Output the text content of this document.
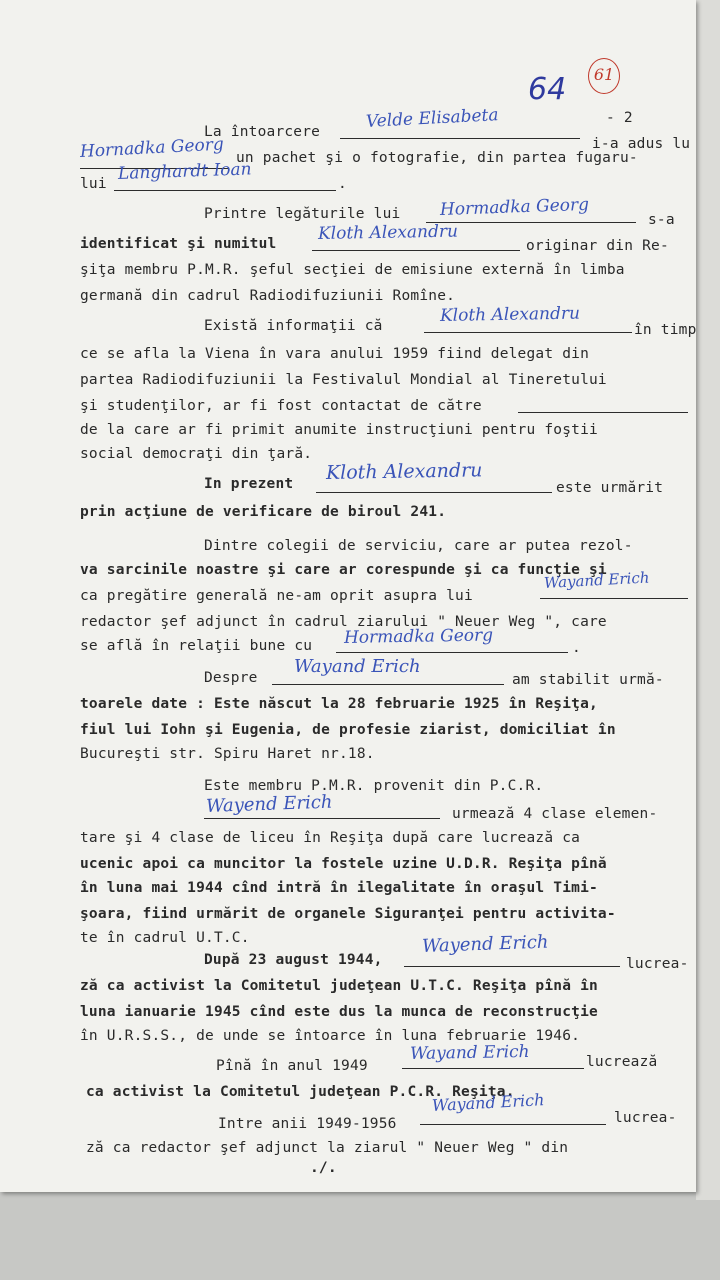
64	61
- 2
La întoarcere
Velde Elisabeta
i-a adus lu
Hornadka Georg un pachet şi o fotografie, din partea fugaru-
lui
Langhardt Ioan
.
Printre legăturile lui Hormadka Georg
s-a
identificat şi numitul
Kloth Alexandru
originar din Re-
şiţa membru P.M.R. şeful secţiei de emisiune externă în limba
germană din cadrul Radiodifuziunii Romîne.
Există informaţii că
Kloth Alexandru
în timp
ce se afla la Viena în vara anului 1959 fiind delegat din
partea Radiodifuziunii la Festivalul Mondial al Tineretului
şi studenţilor, ar fi fost contactat de către
de la care ar fi primit anumite instrucţiuni pentru foştii
social democraţi din ţară.
In prezent
Kloth Alexandru
este urmărit
prin acţiune de verificare de biroul 241.
Dintre colegii de serviciu, care ar putea rezol-
va sarcinile noastre şi care ar corespunde şi ca funcţie şi
ca pregătire generală ne-am oprit asupra lui
Wayand Erich
redactor şef adjunct în cadrul ziarului " Neuer Weg ", care
se află în relaţii bune cu Hormadka Georg
.
Despre
Wayand Erich
am stabilit urmă-
toarele date : Este născut la 28 februarie 1925 în Reşiţa,
fiul lui Iohn şi Eugenia, de profesie ziarist, domiciliat în
Bucureşti str. Spiru Haret nr.18.
Este membru P.M.R. provenit din P.C.R.
Wayend Erich	urmează 4 clase elemen-
tare şi 4 clase de liceu în Reşiţa după care lucrează ca
ucenic apoi ca muncitor la fostele uzine U.D.R. Reşiţa pînă
în luna mai 1944 cînd intră în ilegalitate în oraşul Timi-
şoara, fiind urmărit de organele Siguranţei pentru activita-
te în cadrul U.T.C.
După 23 august 1944,
Wayend Erich
lucrea-
ză ca activist la Comitetul judeţean U.T.C. Reşiţa pînă în
luna ianuarie 1945 cînd este dus la munca de reconstrucţie
în U.R.S.S., de unde se întoarce în luna februarie 1946.
Pînă în anul 1949
Wayand Erich	lucrează
ca activist la Comitetul judeţean P.C.R. Reşiţa.
Intre anii 1949-1956
Wayand Erich
lucrea-
ză ca redactor şef adjunct la ziarul " Neuer Weg " din
./.
